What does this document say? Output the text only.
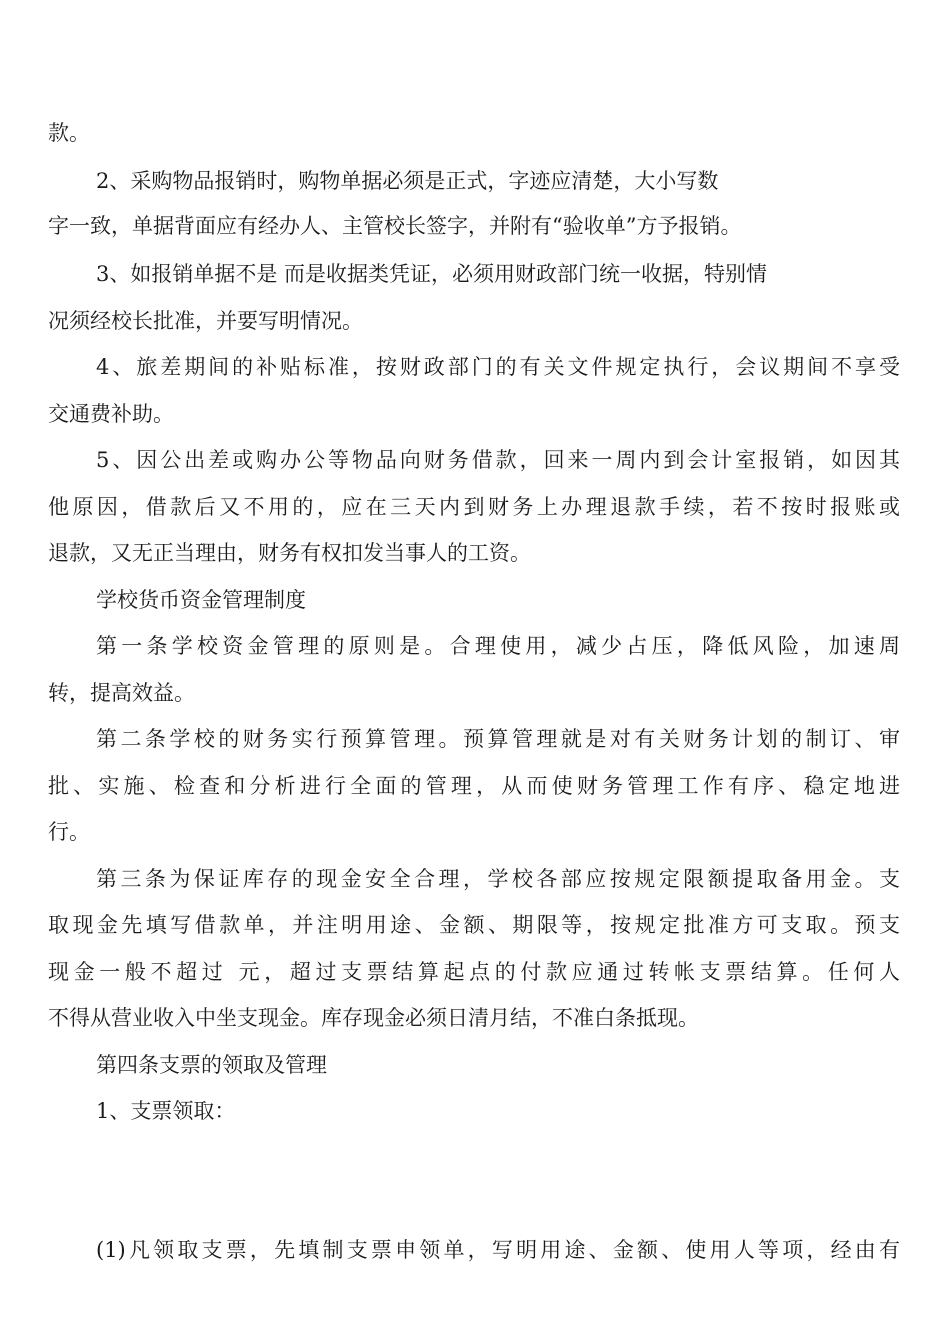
款。
2、采购物品报销时，购物单据必须是正式，字迹应清楚，大小写数
字一致，单据背面应有经办人、主管校长签字，并附有“验收单”方予报销。
3、如报销单据不是 而是收据类凭证，必须用财政部门统一收据，特别情
况须经校长批准，并要写明情况。
4、旅差期间的补贴标准，按财政部门的有关文件规定执行，会议期间不享受
交通费补助。
5、因公出差或购办公等物品向财务借款，回来一周内到会计室报销，如因其
他原因，借款后又不用的，应在三天内到财务上办理退款手续，若不按时报账或
退款，又无正当理由，财务有权扣发当事人的工资。
学校货币资金管理制度
第一条学校资金管理的原则是。合理使用，减少占压，降低风险，加速周
转，提高效益。
第二条学校的财务实行预算管理。预算管理就是对有关财务计划的制订、审
批、实施、检查和分析进行全面的管理，从而使财务管理工作有序、稳定地进
行。
第三条为保证库存的现金安全合理，学校各部应按规定限额提取备用金。支
取现金先填写借款单，并注明用途、金额、期限等，按规定批准方可支取。预支
现金一般不超过 元，超过支票结算起点的付款应通过转帐支票结算。任何人
不得从营业收入中坐支现金。库存现金必须日清月结，不准白条抵现。
第四条支票的领取及管理
1、支票领取：
(1)凡领取支票，先填制支票申领单，写明用途、金额、使用人等项，经由有
